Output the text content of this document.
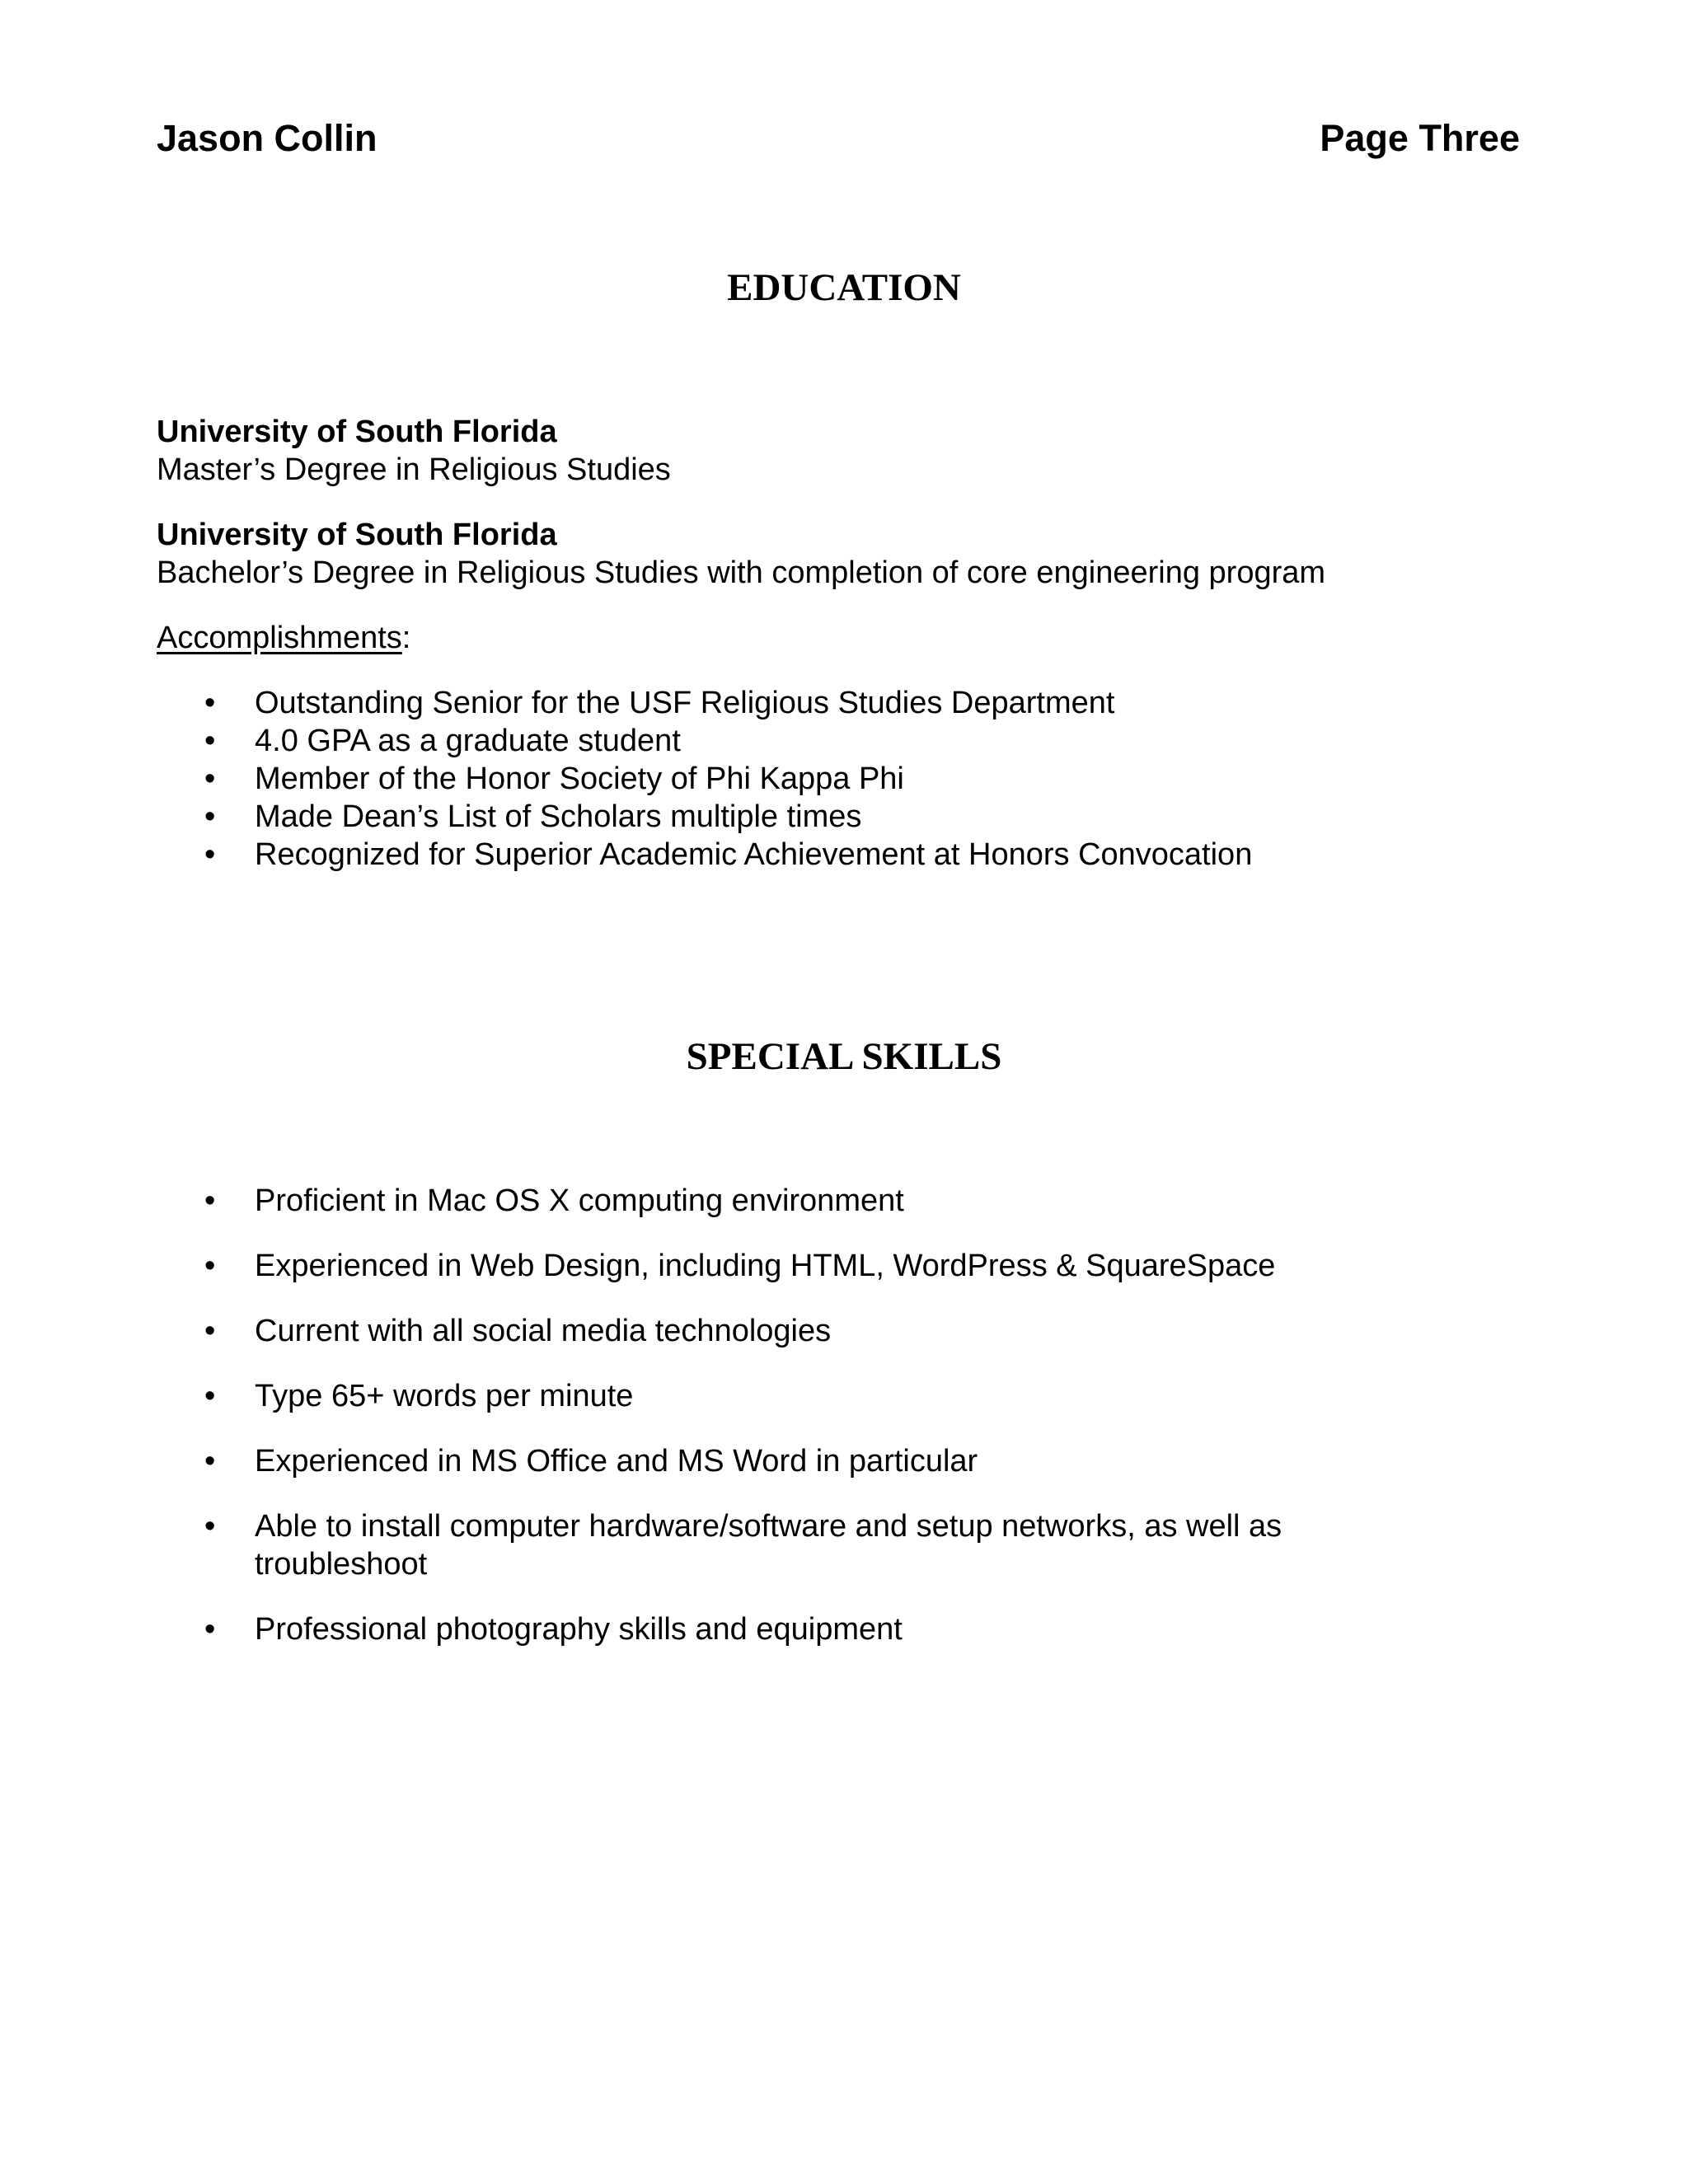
Jason Collin	Page Three
EDUCATION
University of South Florida
Master’s Degree in Religious Studies
University of South Florida
Bachelor’s Degree in Religious Studies with completion of core engineering program
Accomplishments:
• Outstanding Senior for the USF Religious Studies Department
• 4.0 GPA as a graduate student
• Member of the Honor Society of Phi Kappa Phi
• Made Dean’s List of Scholars multiple times
• Recognized for Superior Academic Achievement at Honors Convocation
SPECIAL SKILLS
• Proficient in Mac OS X computing environment
• Experienced in Web Design, including HTML, WordPress & SquareSpace
• Current with all social media technologies
• Type 65+ words per minute
• Experienced in MS Office and MS Word in particular
• Able to install computer hardware/software and setup networks, as well as troubleshoot
• Professional photography skills and equipment
